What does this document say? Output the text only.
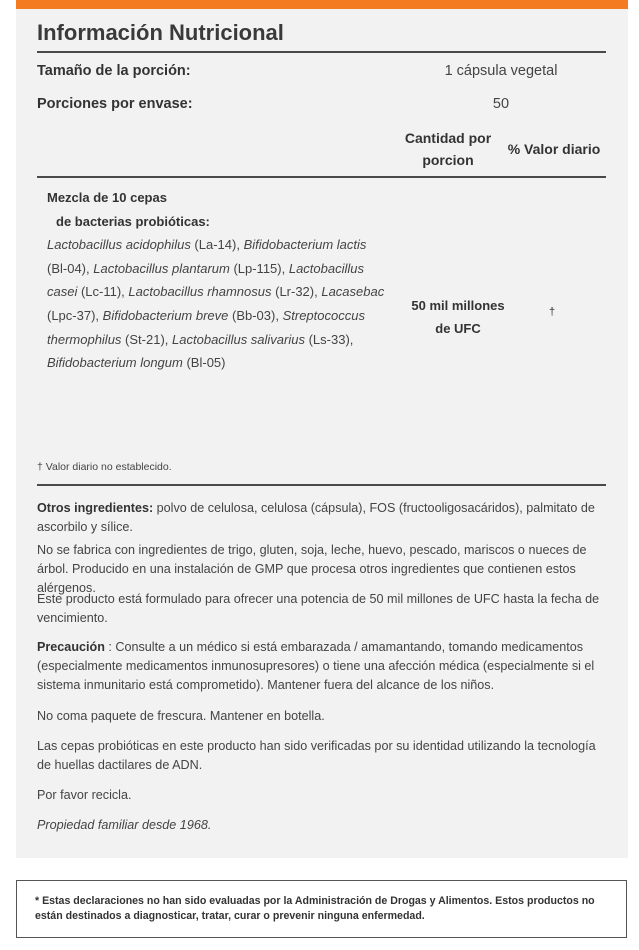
Información Nutricional
Tamaño de la porción:	1 cápsula vegetal
Porciones por envase:	50
Cantidad por
porcion
% Valor diario
Mezcla de 10 cepas
de bacterias probióticas:
Lactobacillus acidophilus (La-14), Bifidobacterium lactis (Bl-04), Lactobacillus plantarum (Lp-115), Lactobacillus casei (Lc-11), Lactobacillus rhamnosus (Lr-32), Lacasebac (Lpc-37), Bifidobacterium breve (Bb-03), Streptococcus thermophilus (St-21), Lactobacillus salivarius (Ls-33), Bifidobacterium longum (Bl-05)
50 mil millones
de UFC
†
† Valor diario no establecido.
Otros ingredientes: polvo de celulosa, celulosa (cápsula), FOS (fructooligosacáridos), palmitato de ascorbilo y sílice.
No se fabrica con ingredientes de trigo, gluten, soja, leche, huevo, pescado, mariscos o nueces de árbol. Producido en una instalación de GMP que procesa otros ingredientes que contienen estos alérgenos.
Este producto está formulado para ofrecer una potencia de 50 mil millones de UFC hasta la fecha de vencimiento.
Precaución : Consulte a un médico si está embarazada / amamantando, tomando medicamentos (especialmente medicamentos inmunosupresores) o tiene una afección médica (especialmente si el sistema inmunitario está comprometido). Mantener fuera del alcance de los niños.
No coma paquete de frescura. Mantener en botella.
Las cepas probióticas en este producto han sido verificadas por su identidad utilizando la tecnología de huellas dactilares de ADN.
Por favor recicla.
Propiedad familiar desde 1968.
* Estas declaraciones no han sido evaluadas por la Administración de Drogas y Alimentos. Estos productos no están destinados a diagnosticar, tratar, curar o prevenir ninguna enfermedad.
